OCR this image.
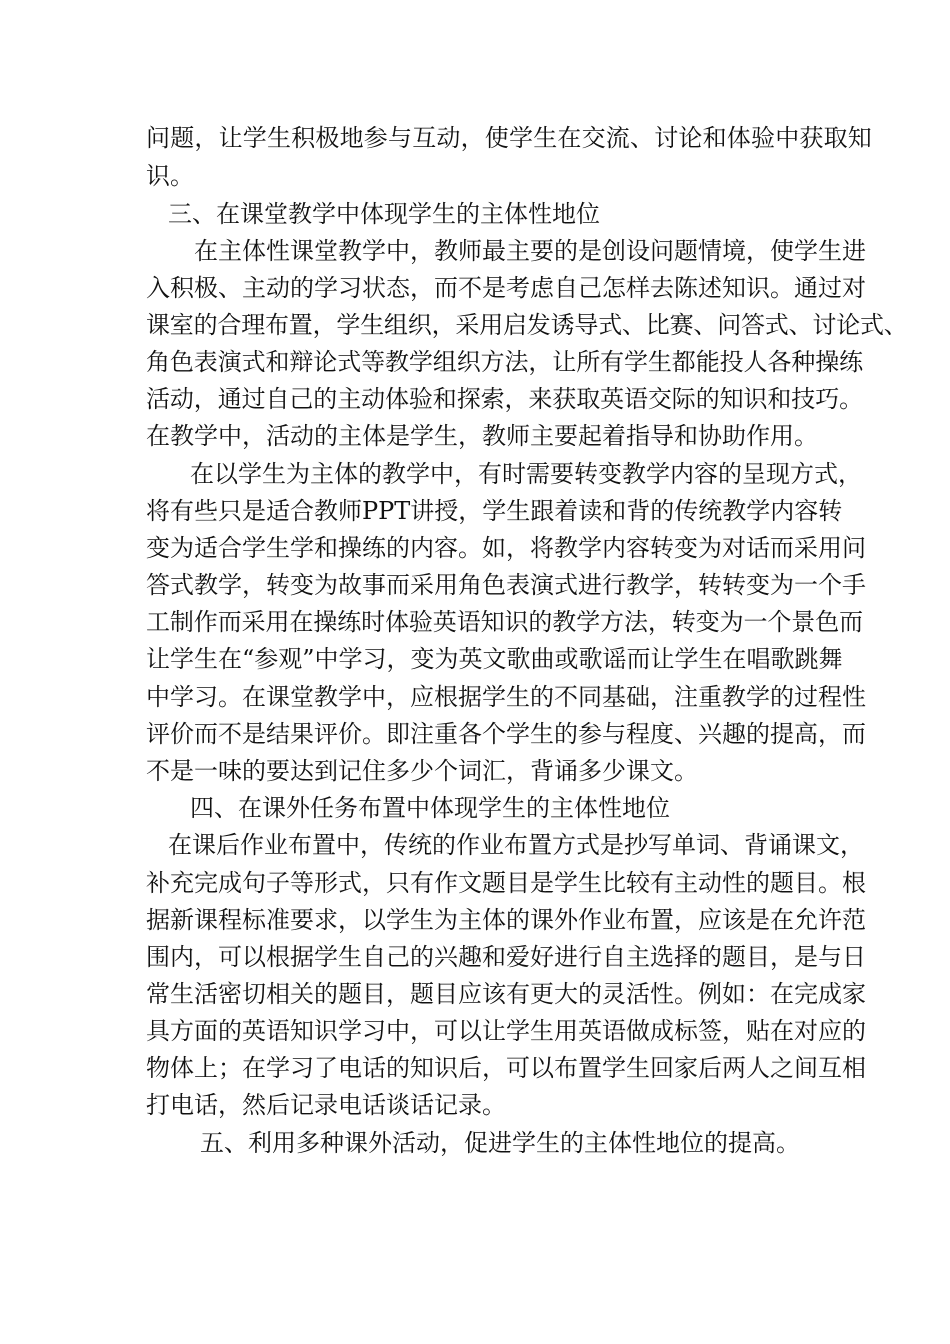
问题，让学生积极地参与互动，使学生在交流、讨论和体验中获取知
识。
三、在课堂教学中体现学生的主体性地位
在主体性课堂教学中，教师最主要的是创设问题情境，使学生进
入积极、主动的学习状态，而不是考虑自己怎样去陈述知识。通过对
课室的合理布置，学生组织，采用启发诱导式、比赛、问答式、讨论式、
角色表演式和辩论式等教学组织方法，让所有学生都能投人各种操练
活动，通过自己的主动体验和探索，来获取英语交际的知识和技巧。
在教学中，活动的主体是学生，教师主要起着指导和协助作用。
在以学生为主体的教学中，有时需要转变教学内容的呈现方式，
将有些只是适合教师PPT讲授，学生跟着读和背的传统教学内容转
变为适合学生学和操练的内容。如，将教学内容转变为对话而采用问
答式教学，转变为故事而采用角色表演式进行教学，转转变为一个手
工制作而采用在操练时体验英语知识的教学方法，转变为一个景色而
让学生在“参观”中学习，变为英文歌曲或歌谣而让学生在唱歌跳舞
中学习。在课堂教学中，应根据学生的不同基础，注重教学的过程性
评价而不是结果评价。即注重各个学生的参与程度、兴趣的提高，而
不是一味的要达到记住多少个词汇，背诵多少课文。
四、在课外任务布置中体现学生的主体性地位
在课后作业布置中，传统的作业布置方式是抄写单词、背诵课文，
补充完成句子等形式，只有作文题目是学生比较有主动性的题目。根
据新课程标准要求，以学生为主体的课外作业布置，应该是在允许范
围内，可以根据学生自己的兴趣和爱好进行自主选择的题目，是与日
常生活密切相关的题目，题目应该有更大的灵活性。例如：在完成家
具方面的英语知识学习中，可以让学生用英语做成标签，贴在对应的
物体上；在学习了电话的知识后，可以布置学生回家后两人之间互相
打电话，然后记录电话谈话记录。
五、利用多种课外活动，促进学生的主体性地位的提高。
